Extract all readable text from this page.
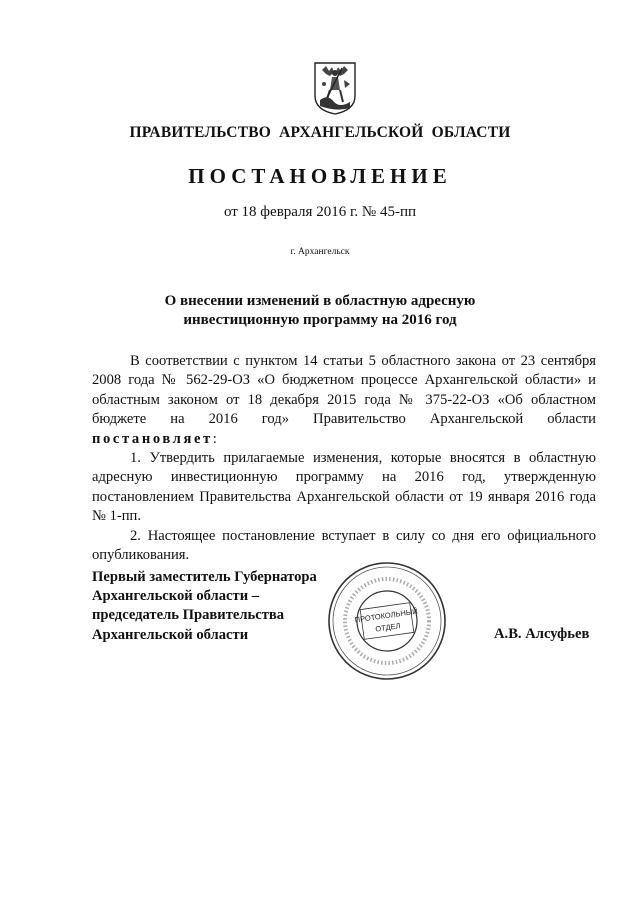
ПРАВИТЕЛЬСТВО АРХАНГЕЛЬСКОЙ ОБЛАСТИ
ПОСТАНОВЛЕНИЕ
от 18 февраля 2016 г. № 45-пп
г. Архангельск
О внесении изменений в областную адресную
инвестиционную программу на 2016 год

В соответствии с пунктом 14 статьи 5 областного закона от 23 сентября 2008 года № 562-29-ОЗ «О бюджетном процессе Архангельской области» и областным законом от 18 декабря 2015 года № 375-22-ОЗ «Об областном бюджете на 2016 год» Правительство Архангельской области постановляет:

1. Утвердить прилагаемые изменения, которые вносятся в областную адресную инвестиционную программу на 2016 год, утвержденную постановлением Правительства Архангельской области от 19 января 2016 года № 1-пп.

2. Настоящее постановление вступает в силу со дня его официального опубликования.

Первый заместитель Губернатора
Архангельской области –
председатель Правительства
Архангельской области
ПРОТОКОЛЬНЫЙ
ОТДЕЛ	А.В. Алсуфьев
